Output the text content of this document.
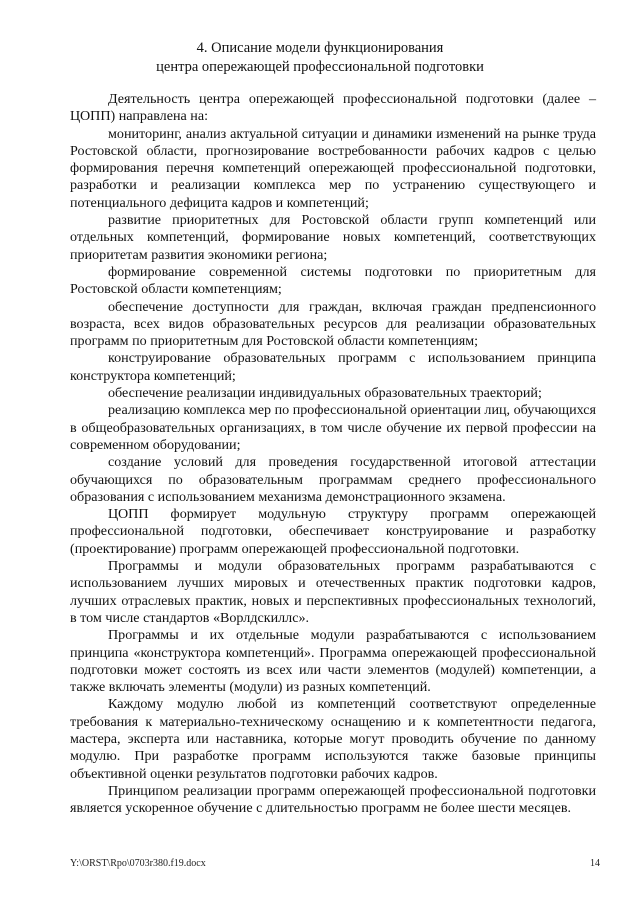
4. Описание модели функционирования
центра опережающей профессиональной подготовки

Деятельность центра опережающей профессиональной подготовки (далее – ЦОПП) направлена на:

мониторинг, анализ актуальной ситуации и динамики изменений на рынке труда Ростовской области, прогнозирование востребованности рабочих кадров с целью формирования перечня компетенций опережающей профессиональной подготовки, разработки и реализации комплекса мер по устранению существующего и потенциального дефицита кадров и компетенций;

развитие приоритетных для Ростовской области групп компетенций или отдельных компетенций, формирование новых компетенций, соответствующих приоритетам развития экономики региона;

формирование современной системы подготовки по приоритетным для Ростовской области компетенциям;

обеспечение доступности для граждан, включая граждан предпенсионного возраста, всех видов образовательных ресурсов для реализации образовательных программ по приоритетным для Ростовской области компетенциям;

конструирование образовательных программ с использованием принципа конструктора компетенций;

обеспечение реализации индивидуальных образовательных траекторий;

реализацию комплекса мер по профессиональной ориентации лиц, обучающихся в общеобразовательных организациях, в том числе обучение их первой профессии на современном оборудовании;

создание условий для проведения государственной итоговой аттестации обучающихся по образовательным программам среднего профессионального образования с использованием механизма демонстрационного экзамена.

ЦОПП формирует модульную структуру программ опережающей профессиональной подготовки, обеспечивает конструирование и разработку (проектирование) программ опережающей профессиональной подготовки.

Программы и модули образовательных программ разрабатываются с использованием лучших мировых и отечественных практик подготовки кадров, лучших отраслевых практик, новых и перспективных профессиональных технологий, в том числе стандартов «Ворлдскиллс».

Программы и их отдельные модули разрабатываются с использованием принципа «конструктора компетенций». Программа опережающей профессиональной подготовки может состоять из всех или части элементов (модулей) компетенции, а также включать элементы (модули) из разных компетенций.

Каждому модулю любой из компетенций соответствуют определенные требования к материально-техническому оснащению и к компетентности педагога, мастера, эксперта или наставника, которые могут проводить обучение по данному модулю. При разработке программ используются также базовые принципы объективной оценки результатов подготовки рабочих кадров.

Принципом реализации программ опережающей профессиональной подготовки является ускоренное обучение с длительностью программ не более шести месяцев.

Y:\ORST\Rpo\0703r380.f19.docx	14
